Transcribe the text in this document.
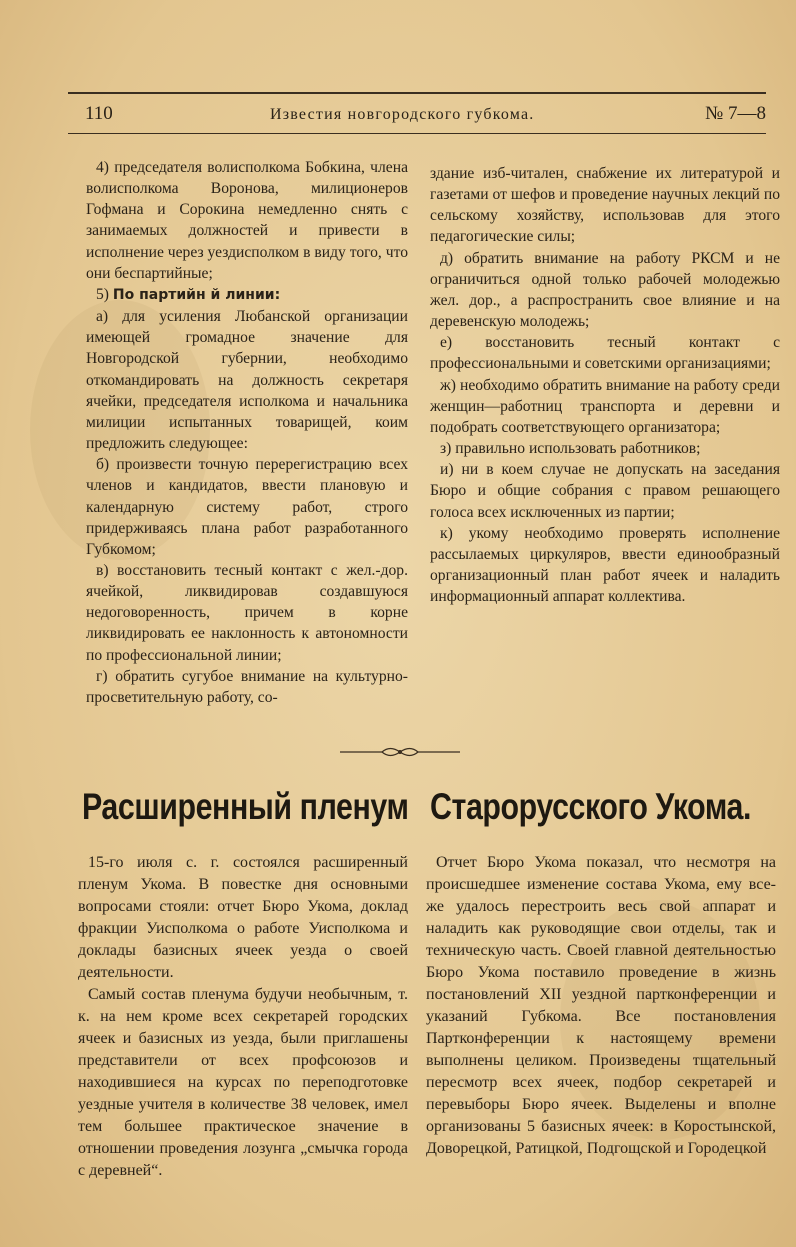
110	Известия новгородского губкома.	№ 7—8

4) председателя волисполкома Бобкина, члена волисполкома Воронова, милиционеров Гофмана и Сорокина немедленно снять с занимаемых должностей и привести в исполнение через уездисполком в виду того, что они беспартийные;

5) По партийн й линии:

а) для усиления Любанской организации имеющей громадное значение для Новгородской губернии, необходимо откомандировать на должность секретаря ячейки, председателя исполкома и начальника милиции испытанных товарищей, коим предложить следующее:

б) произвести точную перерегистрацию всех членов и кандидатов, ввести плановую и календарную систему работ, строго придерживаясь плана работ разработанного Губкомом;

в) восстановить тесный контакт с жел.-дор. ячейкой, ликвидировав создавшуюся недоговоренность, причем в корне ликвидировать ее наклонность к автономности по профессиональной линии;

г) обратить сугубое внимание на культурно-просветительную работу, со-

здание изб-читален, снабжение их литературой и газетами от шефов и проведение научных лекций по сельскому хозяйству, использовав для этого педагогические силы;

д) обратить внимание на работу РКСМ и не ограничиться одной только рабочей молодежью жел. дор., а распространить свое влияние и на деревенскую молодежь;

е) восстановить тесный контакт с профессиональными и советскими организациями;

ж) необходимо обратить внимание на работу среди женщин—работниц транспорта и деревни и подобрать соответствующего организатора;

з) правильно использовать работников;

и) ни в коем случае не допускать на заседания Бюро и общие собрания с правом решающего голоса всех исключенных из партии;

к) укому необходимо проверять исполнение рассылаемых циркуляров, ввести единообразный организационный план работ ячеек и наладить информационный аппарат коллектива.

Расширенный пленум Старорусского Укома.

15-го июля с. г. состоялся расширенный пленум Укома. В повестке дня основными вопросами стояли: отчет Бюро Укома, доклад фракции Уисполкома о работе Уисполкома и доклады базисных ячеек уезда о своей деятельности.

Самый состав пленума будучи необычным, т. к. на нем кроме всех секретарей городских ячеек и базисных из уезда, были приглашены представители от всех профсоюзов и находившиеся на курсах по переподготовке уездные учителя в количестве 38 человек, имел тем большее практическое значение в отношении проведения лозунга „смычка города с деревней“.

Отчет Бюро Укома показал, что несмотря на происшедшее изменение состава Укома, ему все-же удалось перестроить весь свой аппарат и наладить как руководящие свои отделы, так и техническую часть. Своей главной деятельностью Бюро Укома поставило проведение в жизнь постановлений XII уездной партконференции и указаний Губкома. Все постановления Партконференции к настоящему времени выполнены целиком. Произведены тщательный пересмотр всех ячеек, подбор секретарей и перевыборы Бюро ячеек. Выделены и вполне организованы 5 базисных ячеек: в Коростынской, Доворецкой, Ратицкой, Подгощской и Городецкой
